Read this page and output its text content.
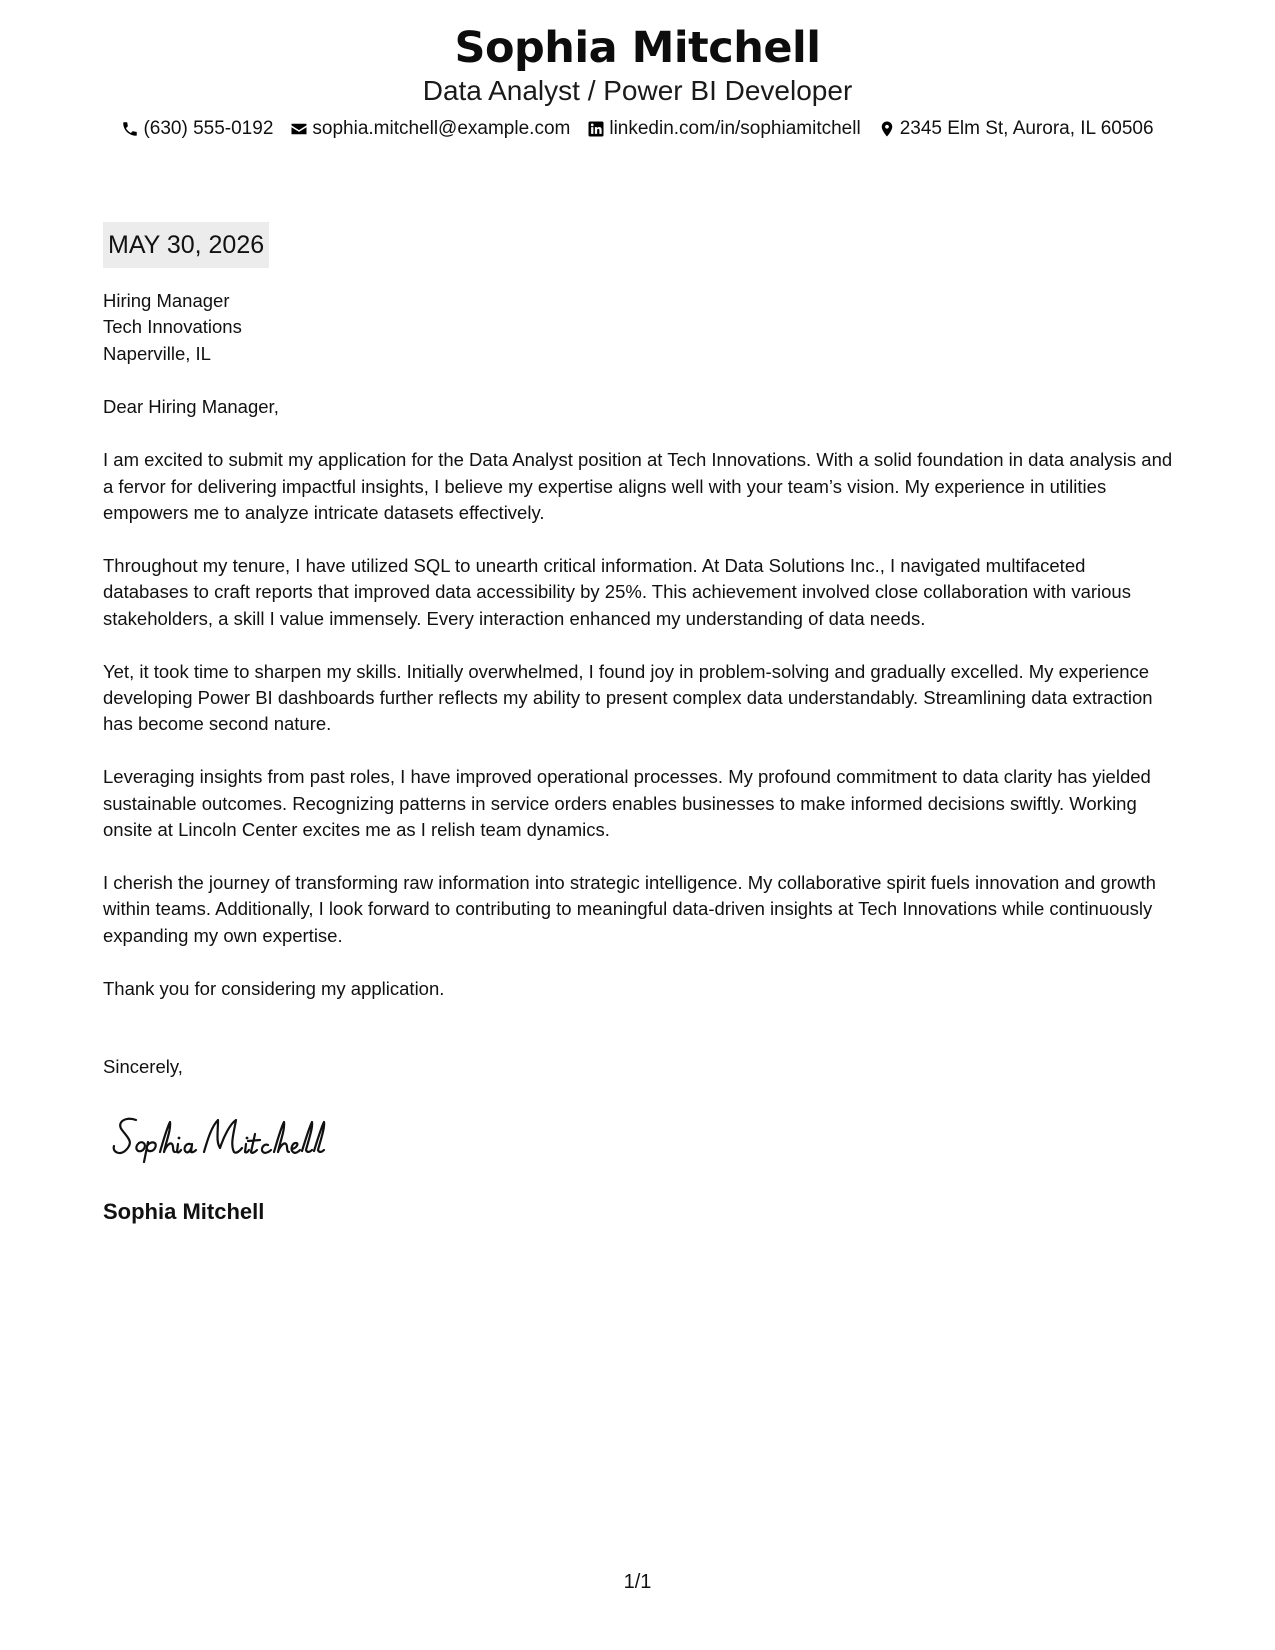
Sophia Mitchell
Data Analyst / Power BI Developer
(630) 555-0192 sophia.mitchell@example.com linkedin.com/in/sophiamitchell 2345 Elm St, Aurora, IL 60506
MAY 30, 2026
Hiring Manager
Tech Innovations
Naperville, IL
Dear Hiring Manager,
I am excited to submit my application for the Data Analyst position at Tech Innovations. With a solid foundation in data analysis and a fervor for delivering impactful insights, I believe my expertise aligns well with your team’s vision. My experience in utilities empowers me to analyze intricate datasets effectively.
Throughout my tenure, I have utilized SQL to unearth critical information. At Data Solutions Inc., I navigated multifaceted databases to craft reports that improved data accessibility by 25%. This achievement involved close collaboration with various stakeholders, a skill I value immensely. Every interaction enhanced my understanding of data needs.
Yet, it took time to sharpen my skills. Initially overwhelmed, I found joy in problem-solving and gradually excelled. My experience developing Power BI dashboards further reflects my ability to present complex data understandably. Streamlining data extraction has become second nature.
Leveraging insights from past roles, I have improved operational processes. My profound commitment to data clarity has yielded sustainable outcomes. Recognizing patterns in service orders enables businesses to make informed decisions swiftly. Working onsite at Lincoln Center excites me as I relish team dynamics.
I cherish the journey of transforming raw information into strategic intelligence. My collaborative spirit fuels innovation and growth within teams. Additionally, I look forward to contributing to meaningful data-driven insights at Tech Innovations while continuously expanding my own expertise.
Thank you for considering my application.
Sincerely,
Sophia Mitchell
1/1
